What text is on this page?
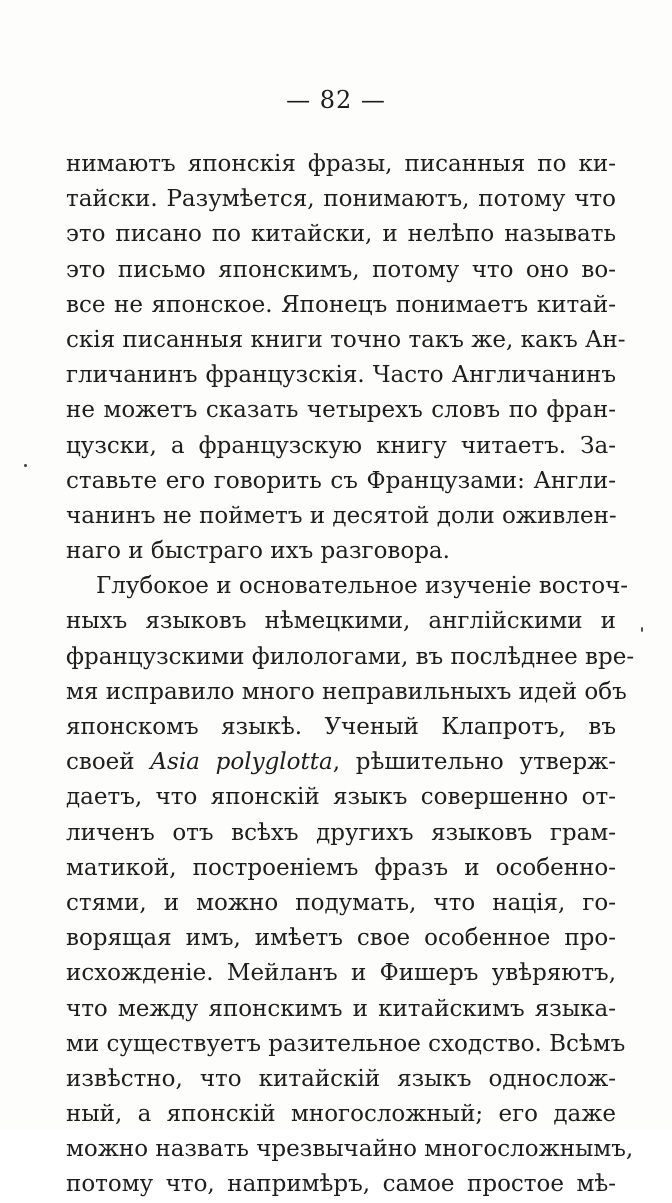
— 82 —
нимаютъ японскія фразы, писанныя по ки-
тайски. Разумѣется, понимаютъ, потому что
это писано по китайски, и нелѣпо называть
это письмо японскимъ, потому что оно во-
все не японское. Японецъ понимаетъ китай-
скія писанныя книги точно такъ же, какъ Ан-
гличанинъ французскія. Часто Англичанинъ
не можетъ сказать четырехъ словъ по фран-
цузски, а французскую книгу читаетъ. За-
ставьте его говорить съ Французами: Англи-
чанинъ не пойметъ и десятой доли оживлен-
наго и быстраго ихъ разговора.
Глубокое и основательное изученіе восточ-
ныхъ языковъ нѣмецкими, англійскими и
французскими филологами, въ послѣднее вре-
мя исправило много неправильныхъ идей объ
японскомъ языкѣ. Ученый Клапротъ, въ
своей Asia polyglotta, рѣшительно утверж-
даетъ, что японскій языкъ совершенно от-
личенъ отъ всѣхъ другихъ языковъ грам-
матикой, построеніемъ фразъ и особенно-
стями, и можно подумать, что нація, го-
ворящая имъ, имѣетъ свое особенное про-
исхожденіе. Мейланъ и Фишеръ увѣряютъ,
что между японскимъ и китайскимъ языка-
ми существуетъ разительное сходство. Всѣмъ
извѣстно, что китайскій языкъ однослож-
ный, а японскій многосложный; его даже
можно назвать чрезвычайно многосложнымъ,
потому что, напримѣръ, самое простое мѣ-
